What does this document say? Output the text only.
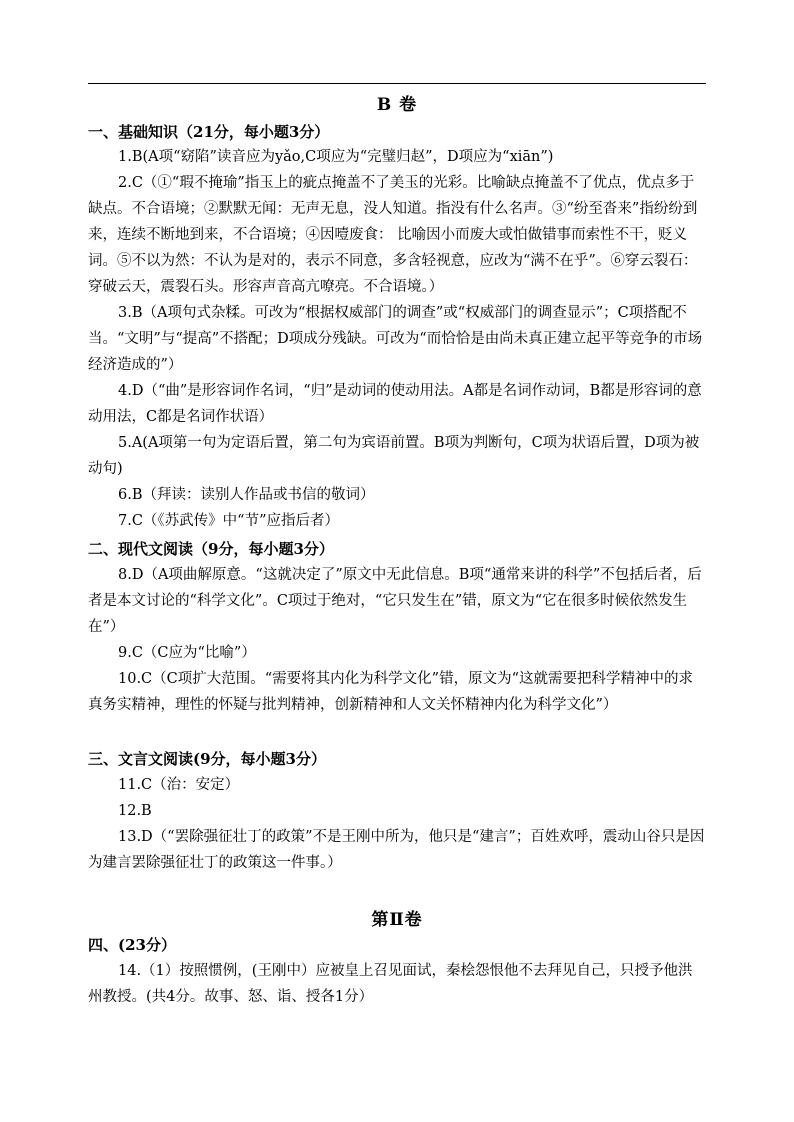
B 卷
一、基础知识（21分，每小题3分）
1.B(A项“窈陷”读音应为yǎo,C项应为“完璧归赵”，D项应为“xiān”)
2.C（①“瑕不掩瑜”指玉上的疵点掩盖不了美玉的光彩。比喻缺点掩盖不了优点，优点多于缺点。不合语境；②默默无闻：无声无息，没人知道。指没有什么名声。③“纷至沓来”指纷纷到来，连续不断地到来，不合语境；④因噎废食： 比喻因小而废大或怕做错事而索性不干，贬义词。⑤不以为然：不认为是对的，表示不同意，多含轻视意，应改为“满不在乎”。⑥穿云裂石：穿破云天，震裂石头。形容声音高亢嘹亮。不合语境。）
3.B（A项句式杂糅。可改为“根据权威部门的调查”或“权威部门的调查显示”；C项搭配不当。“文明”与“提高”不搭配；D项成分残缺。可改为“而恰恰是由尚未真正建立起平等竞争的市场经济造成的”）
4.D（“曲”是形容词作名词，“归”是动词的使动用法。A都是名词作动词，B都是形容词的意动用法，C都是名词作状语）
5.A(A项第一句为定语后置，第二句为宾语前置。B项为判断句，C项为状语后置，D项为被动句)
6.B（拜读：读别人作品或书信的敬词）
7.C（《苏武传》中“节”应指后者）
二、现代文阅读（9分，每小题3分）
8.D（A项曲解原意。“这就决定了”原文中无此信息。B项“通常来讲的科学”不包括后者，后者是本文讨论的“科学文化”。C项过于绝对，“它只发生在”错，原文为“它在很多时候依然发生在”）
9.C（C应为“比喻”）
10.C（C项扩大范围。“需要将其内化为科学文化”错，原文为“这就需要把科学精神中的求真务实精神，理性的怀疑与批判精神，创新精神和人文关怀精神内化为科学文化”）
三、文言文阅读(9分，每小题3分）
11.C（治：安定）
12.B
13.D（“罢除强征壮丁的政策”不是王刚中所为，他只是“建言”；百姓欢呼，震动山谷只是因为建言罢除强征壮丁的政策这一件事。）
第Ⅱ卷
四、(23分）
14.（1）按照惯例，(王刚中）应被皇上召见面试，秦桧怨恨他不去拜见自己，只授予他洪州教授。(共4分。故事、怒、诣、授各1分）
